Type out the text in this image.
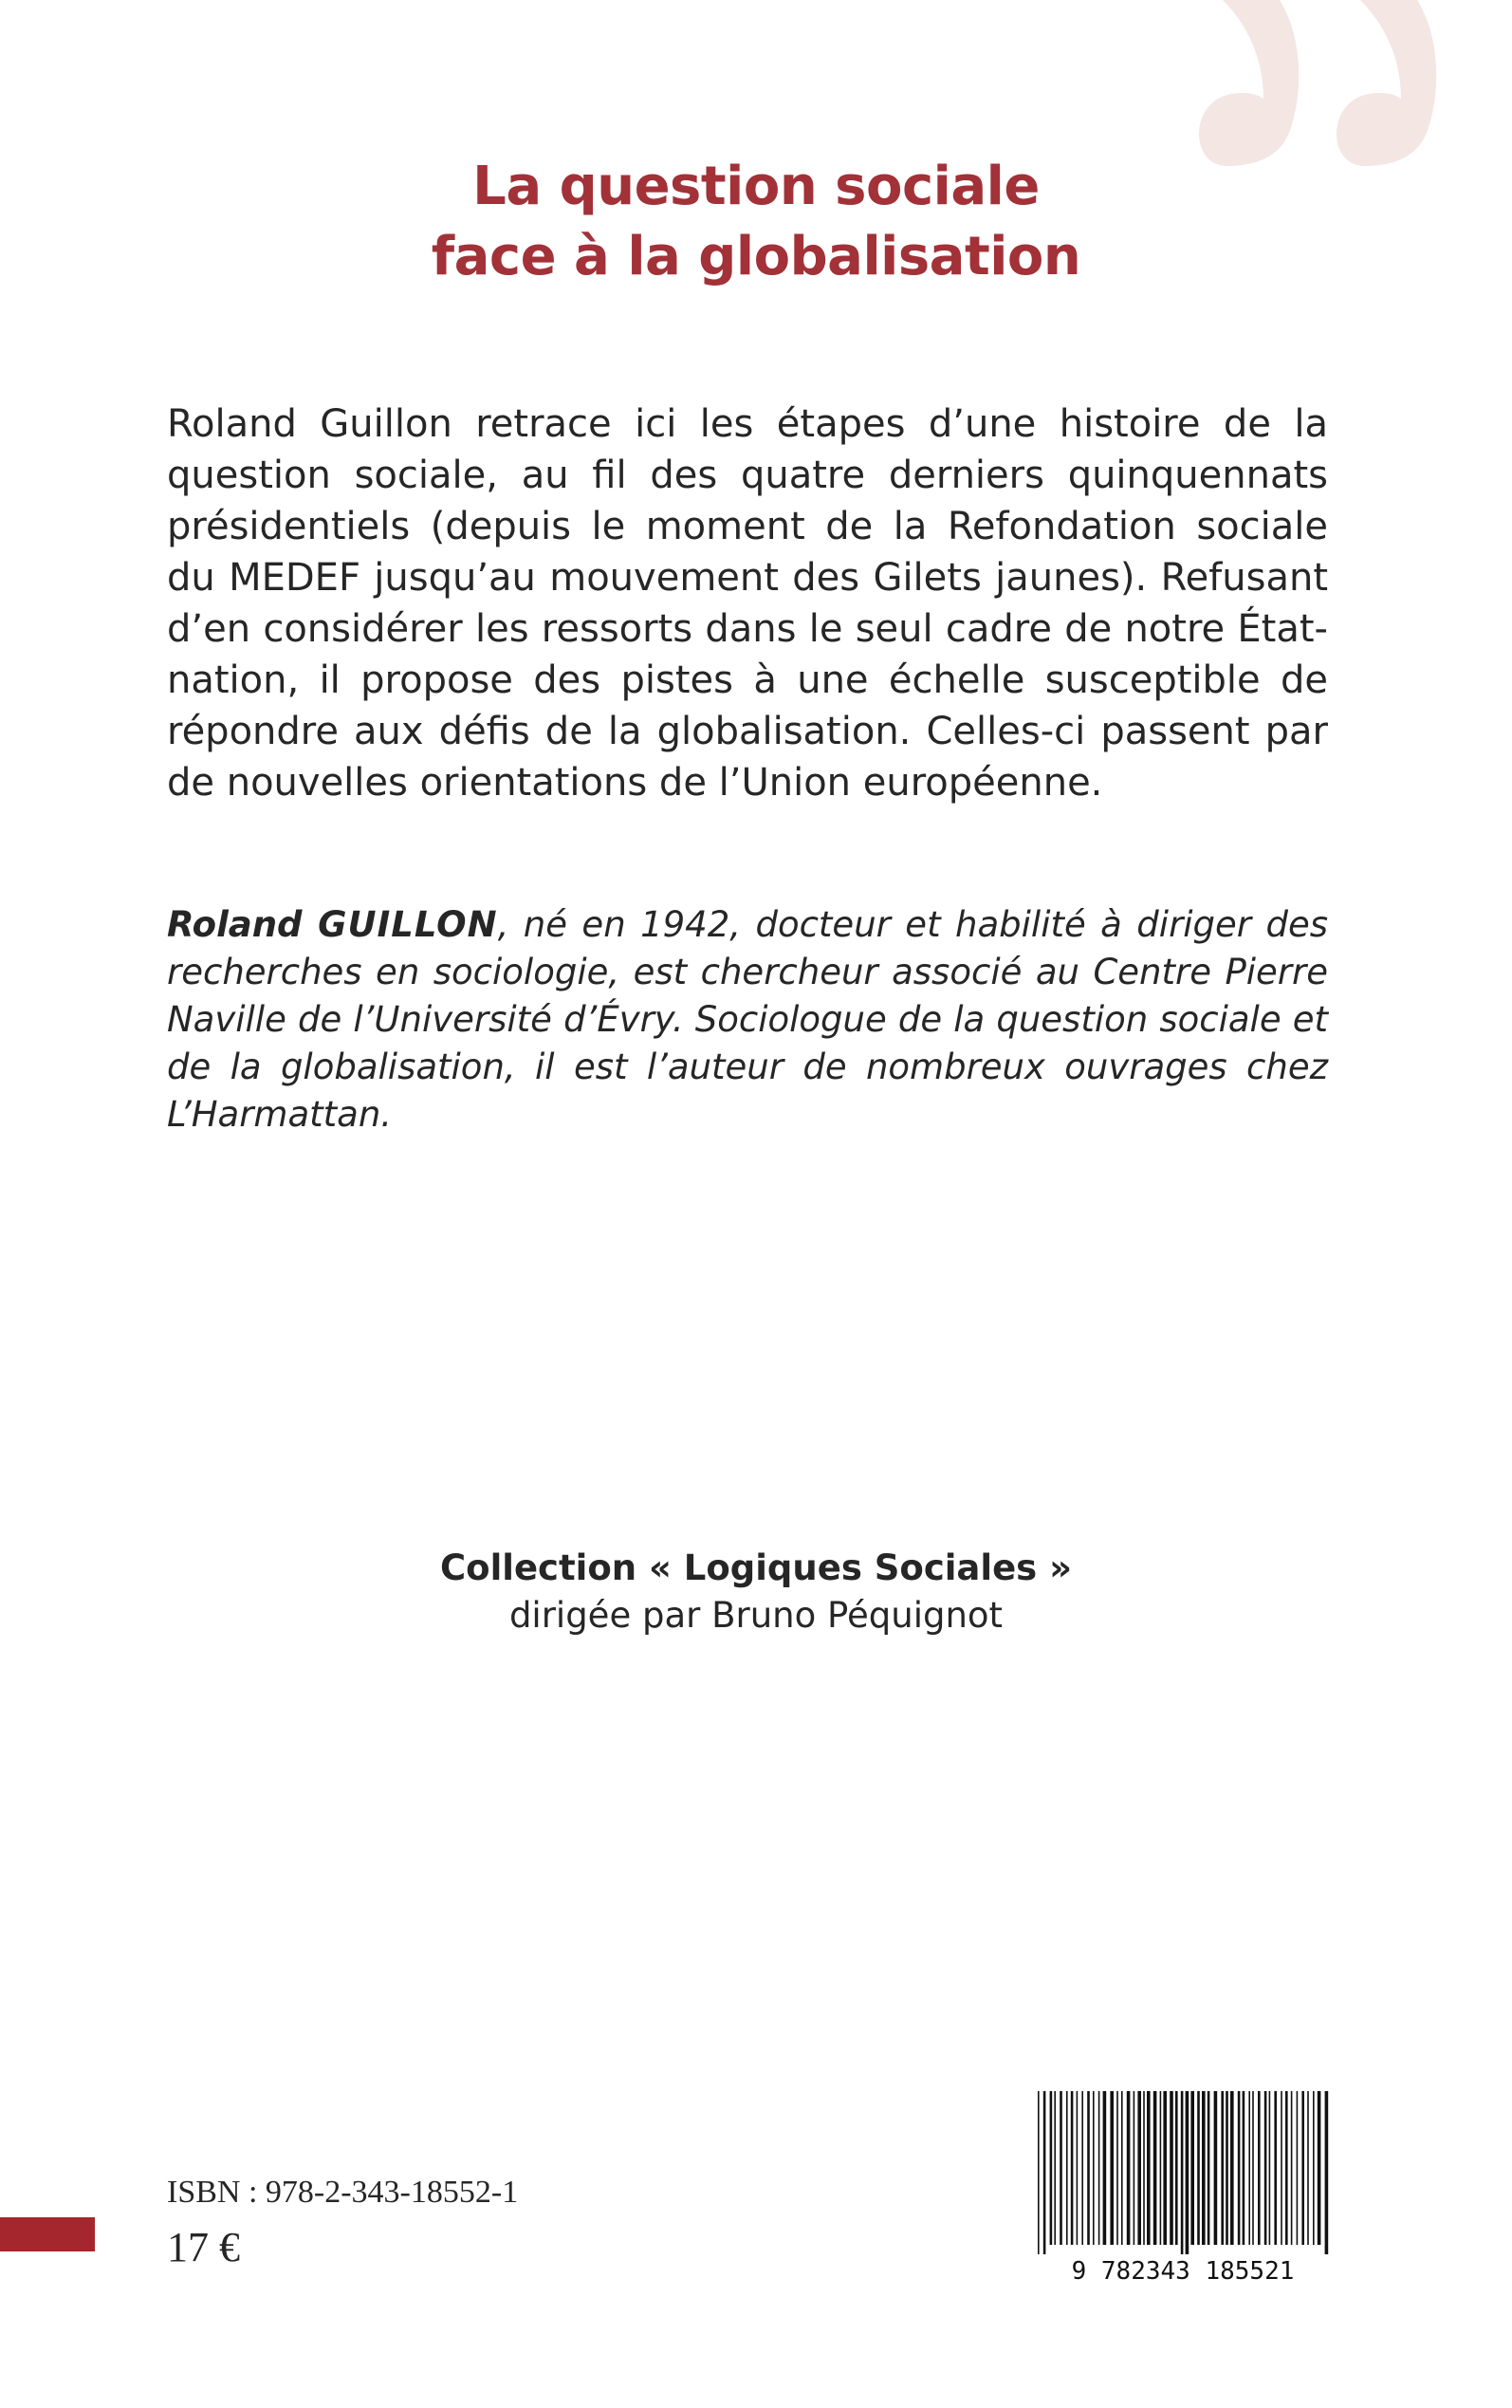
La question sociale
face à la globalisation

Roland Guillon retrace ici les étapes d’une histoire de la question sociale, au fil des quatre derniers quinquennats présidentiels (depuis le moment de la Refondation sociale du MEDEF jusqu’au mouvement des Gilets jaunes). Refusant d’en considérer les ressorts dans le seul cadre de notre État-nation, il propose des pistes à une échelle susceptible de répondre aux défis de la globalisation. Celles-ci passent par de nouvelles orientations de l’Union européenne.

Roland GUILLON, né en 1942, docteur et habilité à diriger des recherches en sociologie, est chercheur associé au Centre Pierre Naville de l’Université d’Évry. Sociologue de la question sociale et de la globalisation, il est l’auteur de nombreux ouvrages chez L’Harmattan.

Collection « Logiques Sociales »
dirigée par Bruno Péquignot
ISBN : 978-2-343-18552-1
17 €
9 782343 185521
